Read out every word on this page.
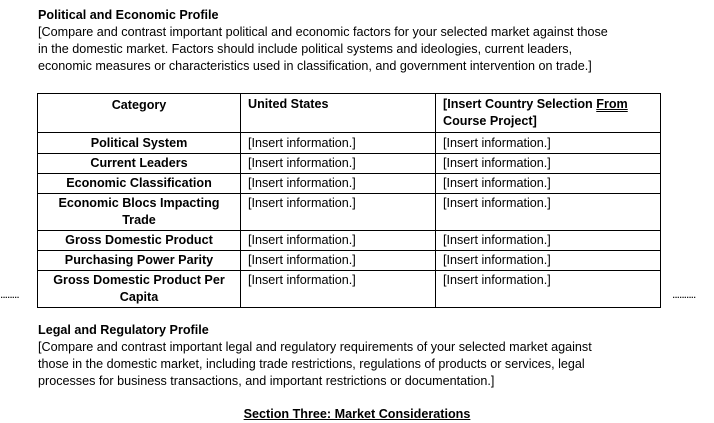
Political and Economic Profile

[Compare and contrast important political and economic factors for your selected market against those
in the domestic market. Factors should include political systems and ideologies, current leaders,
economic measures or characteristics used in classification, and government intervention on trade.]

Category	United States	[Insert Country Selection From
Course Project]
Political System	[Insert information.]	[Insert information.]
Current Leaders	[Insert information.]	[Insert information.]
Economic Classification	[Insert information.]	[Insert information.]
Economic Blocs Impacting Trade	[Insert information.]	[Insert information.]
Gross Domestic Product	[Insert information.]	[Insert information.]
Purchasing Power Parity	[Insert information.]	[Insert information.]
Gross Domestic Product Per Capita	[Insert information.]	[Insert information.]
........	..........

Legal and Regulatory Profile

[Compare and contrast important legal and regulatory requirements of your selected market against
those in the domestic market, including trade restrictions, regulations of products or services, legal
processes for business transactions, and important restrictions or documentation.]

Section Three: Market Considerations
